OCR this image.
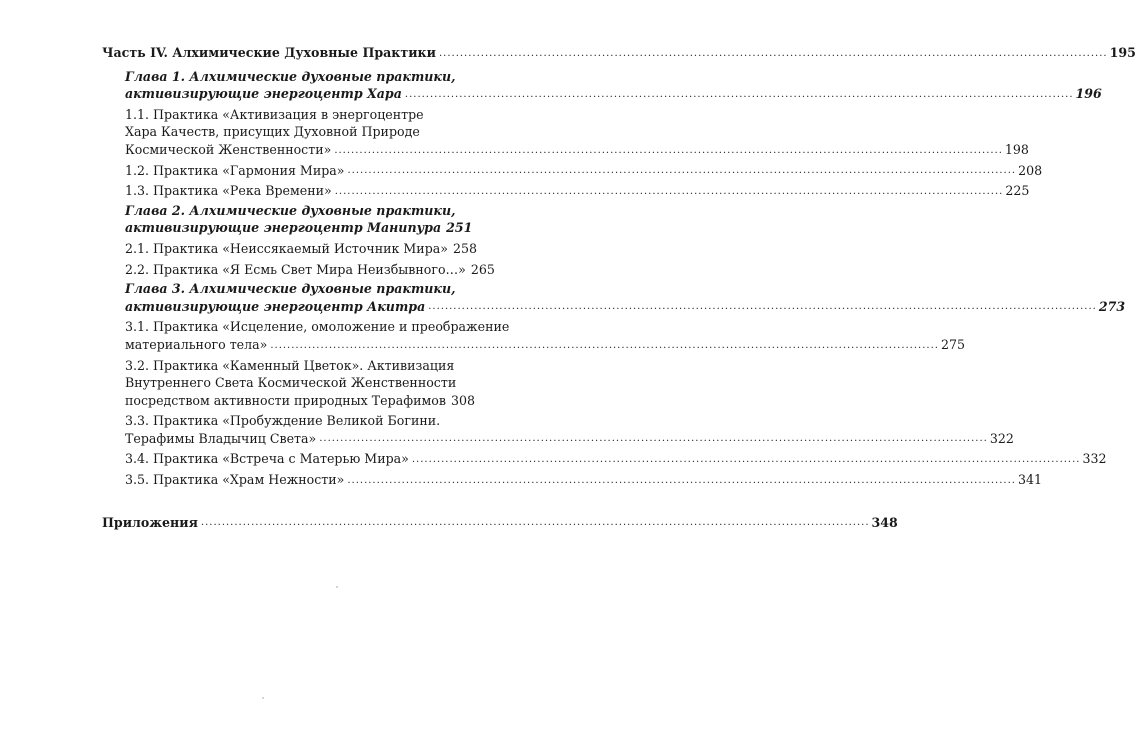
Часть IV. Алхимические Духовные Практики ................................................................................................................................................................ 195
Глава 1. Алхимические духовные практики,
активизирующие энергоцентр Хара ................................................................................................................................................................ 196
1.1. Практика «Активизация в энергоцентре
Хара Качеств, присущих Духовной Природе
Космической Женственности» ................................................................................................................................................................ 198
1.2. Практика «Гармония Мира» ................................................................................................................................................................ 208
1.3. Практика «Река Времени» ................................................................................................................................................................ 225
Глава 2. Алхимические духовные практики,
активизирующие энергоцентр Манипура 251
2.1. Практика «Неиссякаемый Источник Мира» 258
2.2. Практика «Я Есмь Свет Мира Неизбывного…» 265
Глава 3. Алхимические духовные практики,
активизирующие энергоцентр Акитра ................................................................................................................................................................ 273
3.1. Практика «Исцеление, омоложение и преображение
материального тела» ................................................................................................................................................................ 275
3.2. Практика «Каменный Цветок». Активизация
Внутреннего Света Космической Женственности
посредством активности природных Терафимов 308
3.3. Практика «Пробуждение Великой Богини.
Терафимы Владычиц Света» ................................................................................................................................................................ 322
3.4. Практика «Встреча с Матерью Мира» ................................................................................................................................................................ 332
3.5. Практика «Храм Нежности» ................................................................................................................................................................ 341
Приложения ................................................................................................................................................................ 348
